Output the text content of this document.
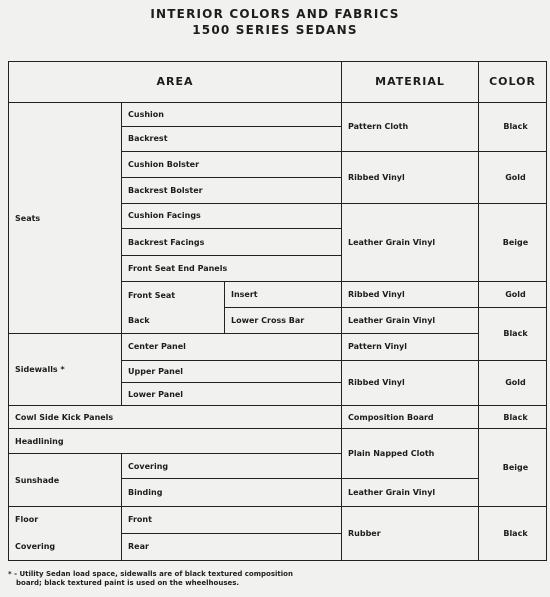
INTERIOR COLORS AND FABRICS
1500 SERIES SEDANS
AREA			MATERIAL	COLOR
Seats	Cushion		Pattern Cloth	Black
	Backrest			
	Cushion Bolster		Ribbed Vinyl	Gold
	Backrest Bolster			
	Cushion Facings		Leather Grain Vinyl	Beige
	Backrest Facings			
	Front Seat End Panels			
	Front Seat	Insert	Ribbed Vinyl	Gold
	Back	Lower Cross Bar	Leather Grain Vinyl	Black
Sidewalls *	Center Panel		Pattern Vinyl	
	Upper Panel		Ribbed Vinyl	Gold
	Lower Panel			
Cowl Side Kick Panels			Composition Board	Black
Headlining			Plain Napped Cloth	Beige
Sunshade	Covering			
	Binding		Leather Grain Vinyl	
Floor	Front		Rubber	Black
Covering	Rear			
* - Utility Sedan load space, sidewalls are of black textured composition
board; black textured paint is used on the wheelhouses.
